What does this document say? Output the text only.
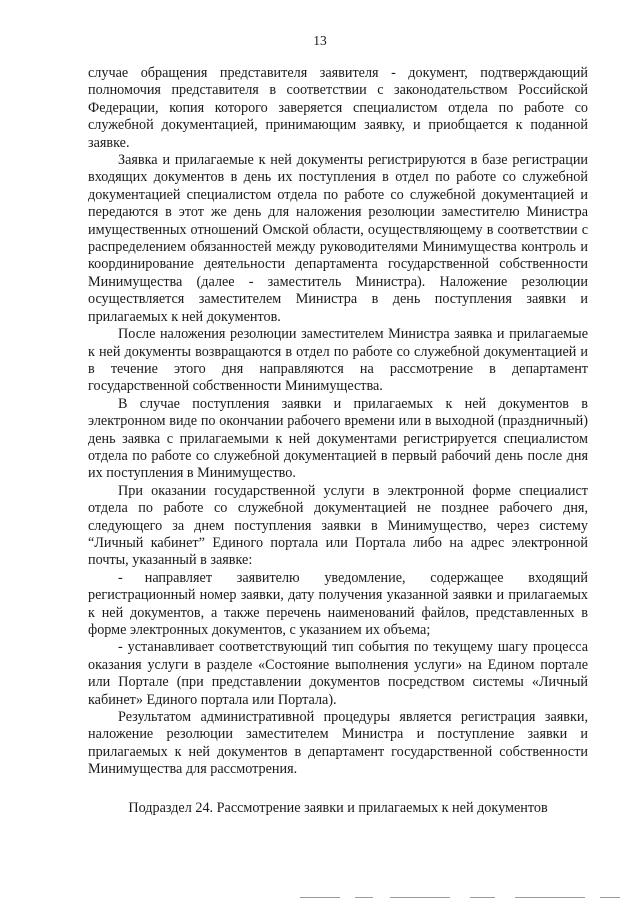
13

случае обращения представителя заявителя - документ, подтверждающий полномочия представителя в соответствии с законодательством Российской Федерации, копия которого заверяется специалистом отдела по работе со служебной документацией, принимающим заявку, и приобщается к поданной заявке.

Заявка и прилагаемые к ней документы регистрируются в базе регистрации входящих документов в день их поступления в отдел по работе со служебной документацией специалистом отдела по работе со служебной документацией и передаются в этот же день для наложения резолюции заместителю Министра имущественных отношений Омской области, осуществляющему в соответствии с распределением обязанностей между руководителями Минимущества контроль и координирование деятельности департамента государственной собственности Минимущества (далее - заместитель Министра). Наложение резолюции осуществляется заместителем Министра в день поступления заявки и прилагаемых к ней документов.

После наложения резолюции заместителем Министра заявка и прилагаемые к ней документы возвращаются в отдел по работе со служебной документацией и в течение этого дня направляются на рассмотрение в департамент государственной собственности Минимущества.

В случае поступления заявки и прилагаемых к ней документов в электронном виде по окончании рабочего времени или в выходной (праздничный) день заявка с прилагаемыми к ней документами регистрируется специалистом отдела по работе со служебной документацией в первый рабочий день после дня их поступления в Минимущество.

При оказании государственной услуги в электронной форме специалист отдела по работе со служебной документацией не позднее рабочего дня, следующего за днем поступления заявки в Минимущество, через систему “Личный кабинет” Единого портала или Портала либо на адрес электронной почты, указанный в заявке:

- направляет заявителю уведомление, содержащее входящий регистрационный номер заявки, дату получения указанной заявки и прилагаемых к ней документов, а также перечень наименований файлов, представленных в форме электронных документов, с указанием их объема;

- устанавливает соответствующий тип события по текущему шагу процесса оказания услуги в разделе «Состояние выполнения услуги» на Едином портале или Портале (при представлении документов посредством системы «Личный кабинет» Единого портала или Портала).

Результатом административной процедуры является регистрация заявки, наложение резолюции заместителем Министра и поступление заявки и прилагаемых к ней документов в департамент государственной собственности Минимущества для рассмотрения.

Подраздел 24. Рассмотрение заявки и прилагаемых к ней документов
